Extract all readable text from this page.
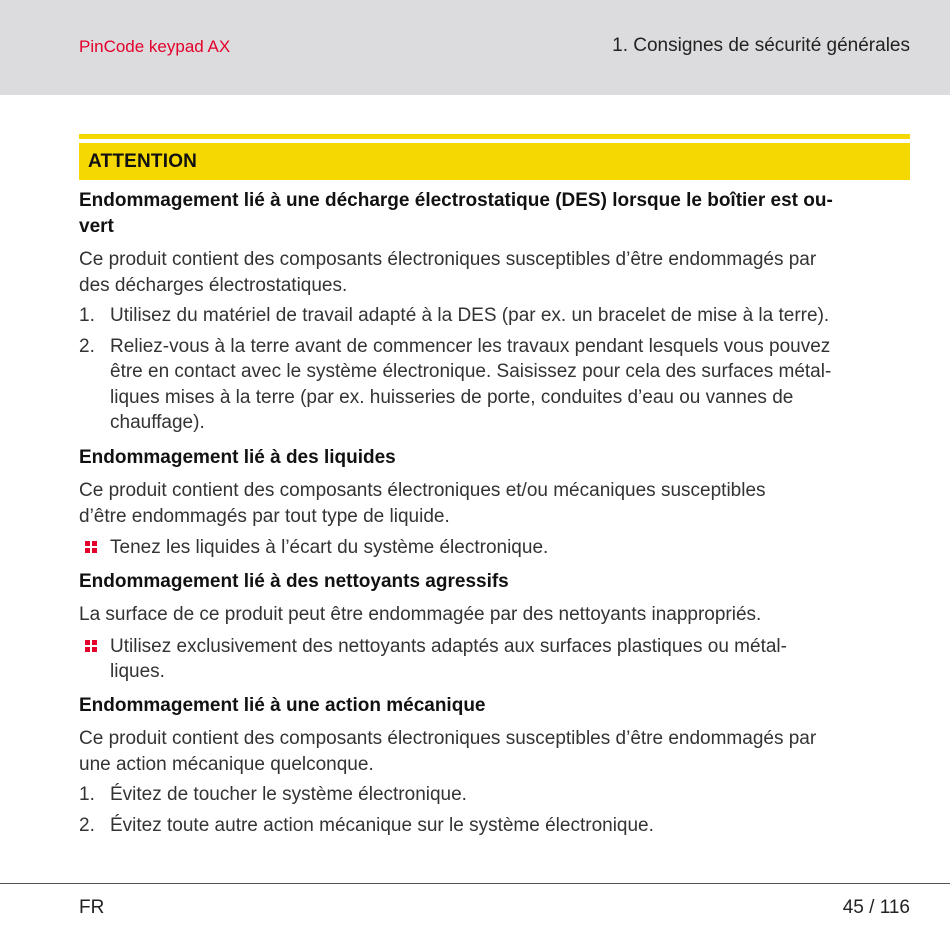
PinCode keypad AX	1. Consignes de sécurité générales
ATTENTION
Endommagement lié à une décharge électrostatique (DES) lorsque le boîtier est ou-
vert

Ce produit contient des composants électroniques susceptibles d’être endommagés par
des décharges électrostatiques.

1. Utilisez du matériel de travail adapté à la DES (par ex. un bracelet de mise à la terre).
2. Reliez-vous à la terre avant de commencer les travaux pendant lesquels vous pouvez
être en contact avec le système électronique. Saisissez pour cela des surfaces métal-
liques mises à la terre (par ex. huisseries de porte, conduites d’eau ou vannes de
chauffage).
Endommagement lié à des liquides

Ce produit contient des composants électroniques et/ou mécaniques susceptibles
d’être endommagés par tout type de liquide.

Tenez les liquides à l’écart du système électronique.
Endommagement lié à des nettoyants agressifs

La surface de ce produit peut être endommagée par des nettoyants inappropriés.

Utilisez exclusivement des nettoyants adaptés aux surfaces plastiques ou métal-
liques.
Endommagement lié à une action mécanique

Ce produit contient des composants électroniques susceptibles d’être endommagés par
une action mécanique quelconque.

1. Évitez de toucher le système électronique.
2. Évitez toute autre action mécanique sur le système électronique.
FR	45 / 116
